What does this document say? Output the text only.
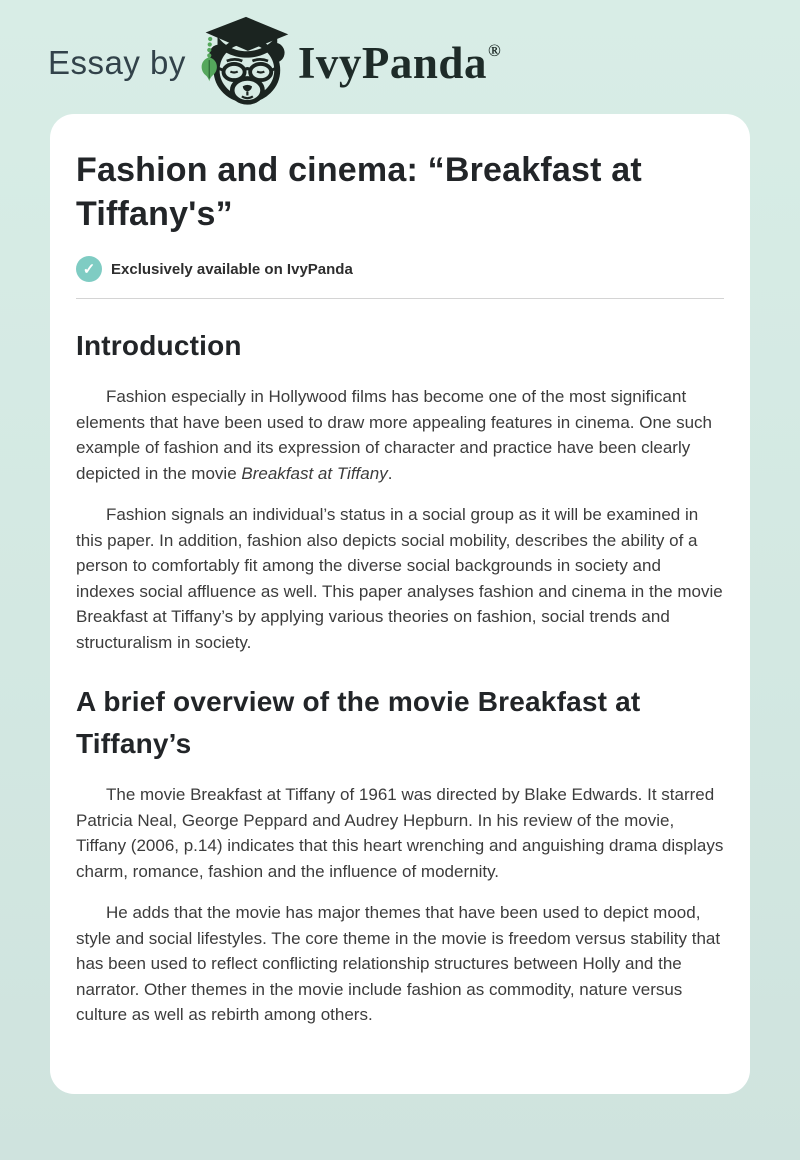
Essay by IvyPanda®
Fashion and cinema: “Breakfast at Tiffany's”
✓	Exclusively available on IvyPanda
Introduction

Fashion especially in Hollywood films has become one of the most significant elements that have been used to draw more appealing features in cinema. One such example of fashion and its expression of character and practice have been clearly depicted in the movie Breakfast at Tiffany.

Fashion signals an individual’s status in a social group as it will be examined in this paper. In addition, fashion also depicts social mobility, describes the ability of a person to comfortably fit among the diverse social backgrounds in society and indexes social affluence as well. This paper analyses fashion and cinema in the movie Breakfast at Tiffany’s by applying various theories on fashion, social trends and structuralism in society.

A brief overview of the movie Breakfast at Tiffany’s

The movie Breakfast at Tiffany of 1961 was directed by Blake Edwards. It starred Patricia Neal, George Peppard and Audrey Hepburn. In his review of the movie, Tiffany (2006, p.14) indicates that this heart wrenching and anguishing drama displays charm, romance, fashion and the influence of modernity.

He adds that the movie has major themes that have been used to depict mood, style and social lifestyles. The core theme in the movie is freedom versus stability that has been used to reflect conflicting relationship structures between Holly and the narrator. Other themes in the movie include fashion as commodity, nature versus culture as well as rebirth among others.
